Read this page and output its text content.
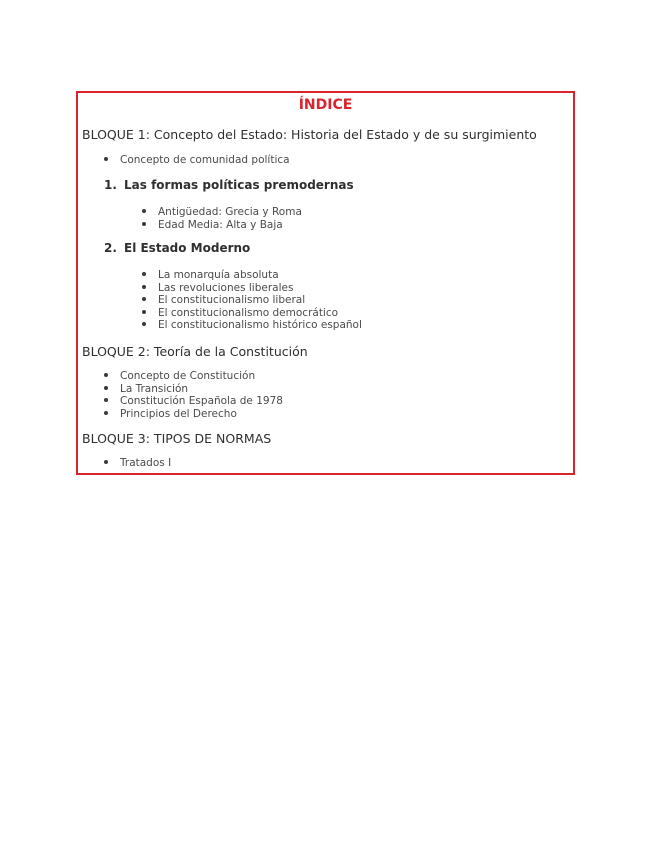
ÍNDICE
BLOQUE 1: Concepto del Estado: Historia del Estado y de su surgimiento
Concepto de comunidad política
1. Las formas políticas premodernas
Antigüedad: Grecia y Roma
Edad Media: Alta y Baja
2. El Estado Moderno
La monarquía absoluta
Las revoluciones liberales
El constitucionalismo liberal
El constitucionalismo democrático
El constitucionalismo histórico español
BLOQUE 2: Teoría de la Constitución
Concepto de Constitución
La Transición
Constitución Española de 1978
Principios del Derecho
BLOQUE 3: TIPOS DE NORMAS
Tratados I
